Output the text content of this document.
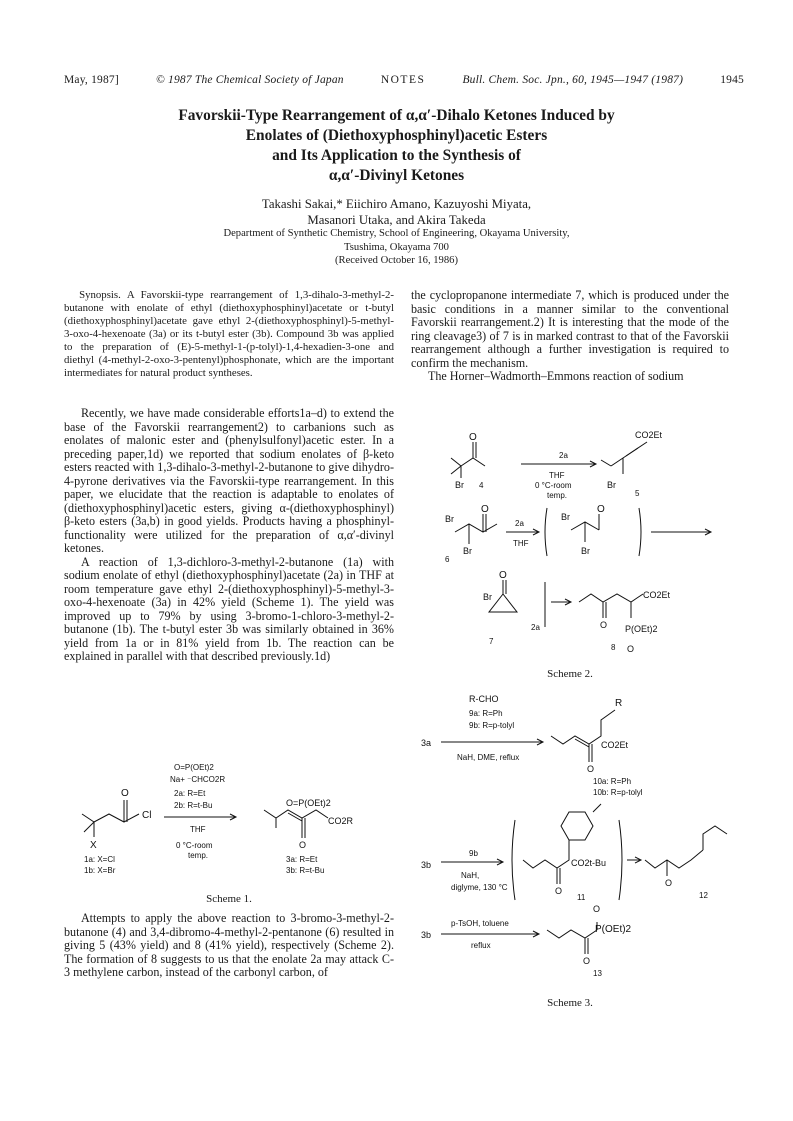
May, 1987]	© 1987 The Chemical Society of Japan	NOTES	Bull. Chem. Soc. Jpn., 60, 1945—1947 (1987)	1945
Favorskii-Type Rearrangement of α,α′-Dihalo Ketones Induced by
Enolates of (Diethoxyphosphinyl)acetic Esters
and Its Application to the Synthesis of
α,α′-Divinyl Ketones
Takashi Sakai,* Eiichiro Amano, Kazuyoshi Miyata,
Masanori Utaka, and Akira Takeda
Department of Synthetic Chemistry, School of Engineering, Okayama University,
Tsushima, Okayama 700
(Received October 16, 1986)

Synopsis. A Favorskii-type rearrangement of 1,3-dihalo-3-methyl-2-butanone with enolate of ethyl (diethoxyphosphinyl)acetate or t-butyl (diethoxyphosphinyl)acetate gave ethyl 2-(diethoxyphosphinyl)-5-methyl-3-oxo-4-hexenoate (3a) or its t-butyl ester (3b). Compound 3b was applied to the preparation of (E)-5-methyl-1-(p-tolyl)-1,4-hexadien-3-one and diethyl (4-methyl-2-oxo-3-pentenyl)phosphonate, which are the important intermediates for natural product syntheses.

Recently, we have made considerable efforts1a–d) to extend the base of the Favorskii rearrangement2) to carbanions such as enolates of malonic ester and (phenylsulfonyl)acetic ester. In a preceding paper,1d) we reported that sodium enolates of β-keto esters reacted with 1,3-dihalo-3-methyl-2-butanone to give dihydro-4-pyrone derivatives via the Favorskii-type rearrangement. In this paper, we elucidate that the reaction is adaptable to enolates of (diethoxyphosphinyl)acetic esters, giving α-(diethoxyphosphinyl) β-keto esters (3a,b) in good yields. Products having a phosphinyl-functionality were utilized for the preparation of α,α′-divinyl ketones.

A reaction of 1,3-dichloro-3-methyl-2-butanone (1a) with sodium enolate of ethyl (diethoxyphosphinyl)acetate (2a) in THF at room temperature gave ethyl 2-(diethoxyphosphinyl)-5-methyl-3-oxo-4-hexenoate (3a) in 42% yield (Scheme 1). The yield was improved up to 79% by using 3-bromo-1-chloro-3-methyl-2-butanone (1b). The t-butyl ester 3b was similarly obtained in 36% yield from 1a or in 81% yield from 1b. The reaction can be explained in parallel with that described previously.1d)

O
Cl
X
O=P(OEt)2
Na+ ⁻CHCO2R
2a: R=Et
2b: R=t-Bu
THF
0 °C-room
temp.
O=P(OEt)2
CO2R
O
1a: X=Cl
1b: X=Br
3a: R=Et
3b: R=t-Bu
Scheme 1.

Attempts to apply the above reaction to 3-bromo-3-methyl-2-butanone (4) and 3,4-dibromo-4-methyl-2-pentanone (6) resulted in giving 5 (43% yield) and 8 (41% yield), respectively (Scheme 2). The formation of 8 suggests to us that the enolate 2a may attack C-3 methylene carbon, instead of the carbonyl carbon, of

the cyclopropanone intermediate 7, which is produced under the basic conditions in a manner similar to the conventional Favorskii rearrangement.2) It is interesting that the mode of the ring cleavage3) of 7 is in marked contrast to that of the Favorskii rearrangement although a further investigation is required to confirm the mechanism.

The Horner–Wadmorth–Emmons reaction of sodium

O
Br 4
2a
THF
0 °C-room
temp.
CO2Et
Br
5
O
Br
Br
6
2a
THF
Br
Br
O
O
Br
2a
7
CO2Et
O P(OEt)2
8 O
Scheme 2.
R-CHO
9a: R=Ph
9b: R=p-tolyl
3a
NaH, DME, reflux
R
CO2Et
O
10a: R=Ph
10b: R=p-tolyl
3b
9b
NaH,
diglyme, 130 °C
CO2t-Bu
O
11
O
12
3b
p-TsOH, toluene
reflux
O
P(OEt)2
O
13
Scheme 3.
